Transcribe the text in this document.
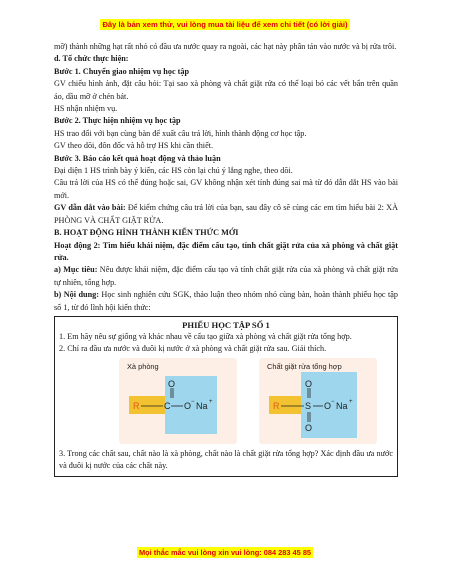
Đây là bản xem thử, vui lòng mua tài liệu để xem chi tiết (có lời giải)

mỡ) thành những hạt rất nhỏ có đầu ưa nước quay ra ngoài, các hạt này phân tán vào nước và bị rửa trôi.

d. Tổ chức thực hiện:

Bước 1. Chuyển giao nhiệm vụ học tập

GV chiếu hình ảnh, đặt câu hỏi: Tại sao xà phòng và chất giặt rửa có thể loại bỏ các vết bẩn trên quần áo, dầu mỡ ở chén bát.

HS nhận nhiệm vụ.

Bước 2. Thực hiện nhiệm vụ học tập

HS trao đổi với bạn cùng bàn để xuất câu trả lời, hình thành động cơ học tập.

GV theo dõi, đôn đốc và hỗ trợ HS khi cần thiết.

Bước 3. Báo cáo kết quả hoạt động và thảo luận

Đại diện 1 HS trình bày ý kiến, các HS còn lại chú ý lắng nghe, theo dõi.

Câu trả lời của HS có thể đúng hoặc sai, GV không nhận xét tính đúng sai mà từ đó dẫn dắt HS vào bài mới.

GV dẫn dắt vào bài: Để kiểm chứng câu trả lời của bạn, sau đây cô sẽ cùng các em tìm hiểu bài 2: XÀ PHÒNG VÀ CHẤT GIẶT RỬA.

B. HOẠT ĐỘNG HÌNH THÀNH KIẾN THỨC MỚI

Hoạt động 2: Tìm hiểu khái niệm, đặc điểm cấu tạo, tính chất giặt rửa của xà phòng và chất giặt rửa.

a) Mục tiêu: Nêu được khái niệm, đặc điểm cấu tạo và tính chất giặt rửa của xà phòng và chất giặt rửa tự nhiên, tổng hợp.

b) Nội dung: Học sinh nghiên cứu SGK, thảo luận theo nhóm nhỏ cùng bàn, hoàn thành phiếu học tập số 1, từ đó lĩnh hội kiến thức:

PHIẾU HỌC TẬP SỐ 1

1. Em hãy nêu sự giống và khác nhau về cấu tạo giữa xà phòng và chất giặt rửa tổng hợp.

2. Chỉ ra đầu ưa nước và đuôi kị nước ở xà phòng và chất giặt rửa sau. Giải thích.

Xà phòng
R	C
O
O − Na +
Chất giặt rửa tổng hợp
R	S
O
O
O − Na +

3. Trong các chất sau, chất nào là xà phòng, chất nào là chất giặt rửa tổng hợp? Xác định đầu ưa nước và đuôi kị nước của các chất này.

Mọi thắc mắc vui lòng xin vui lòng: 084 283 45 85
